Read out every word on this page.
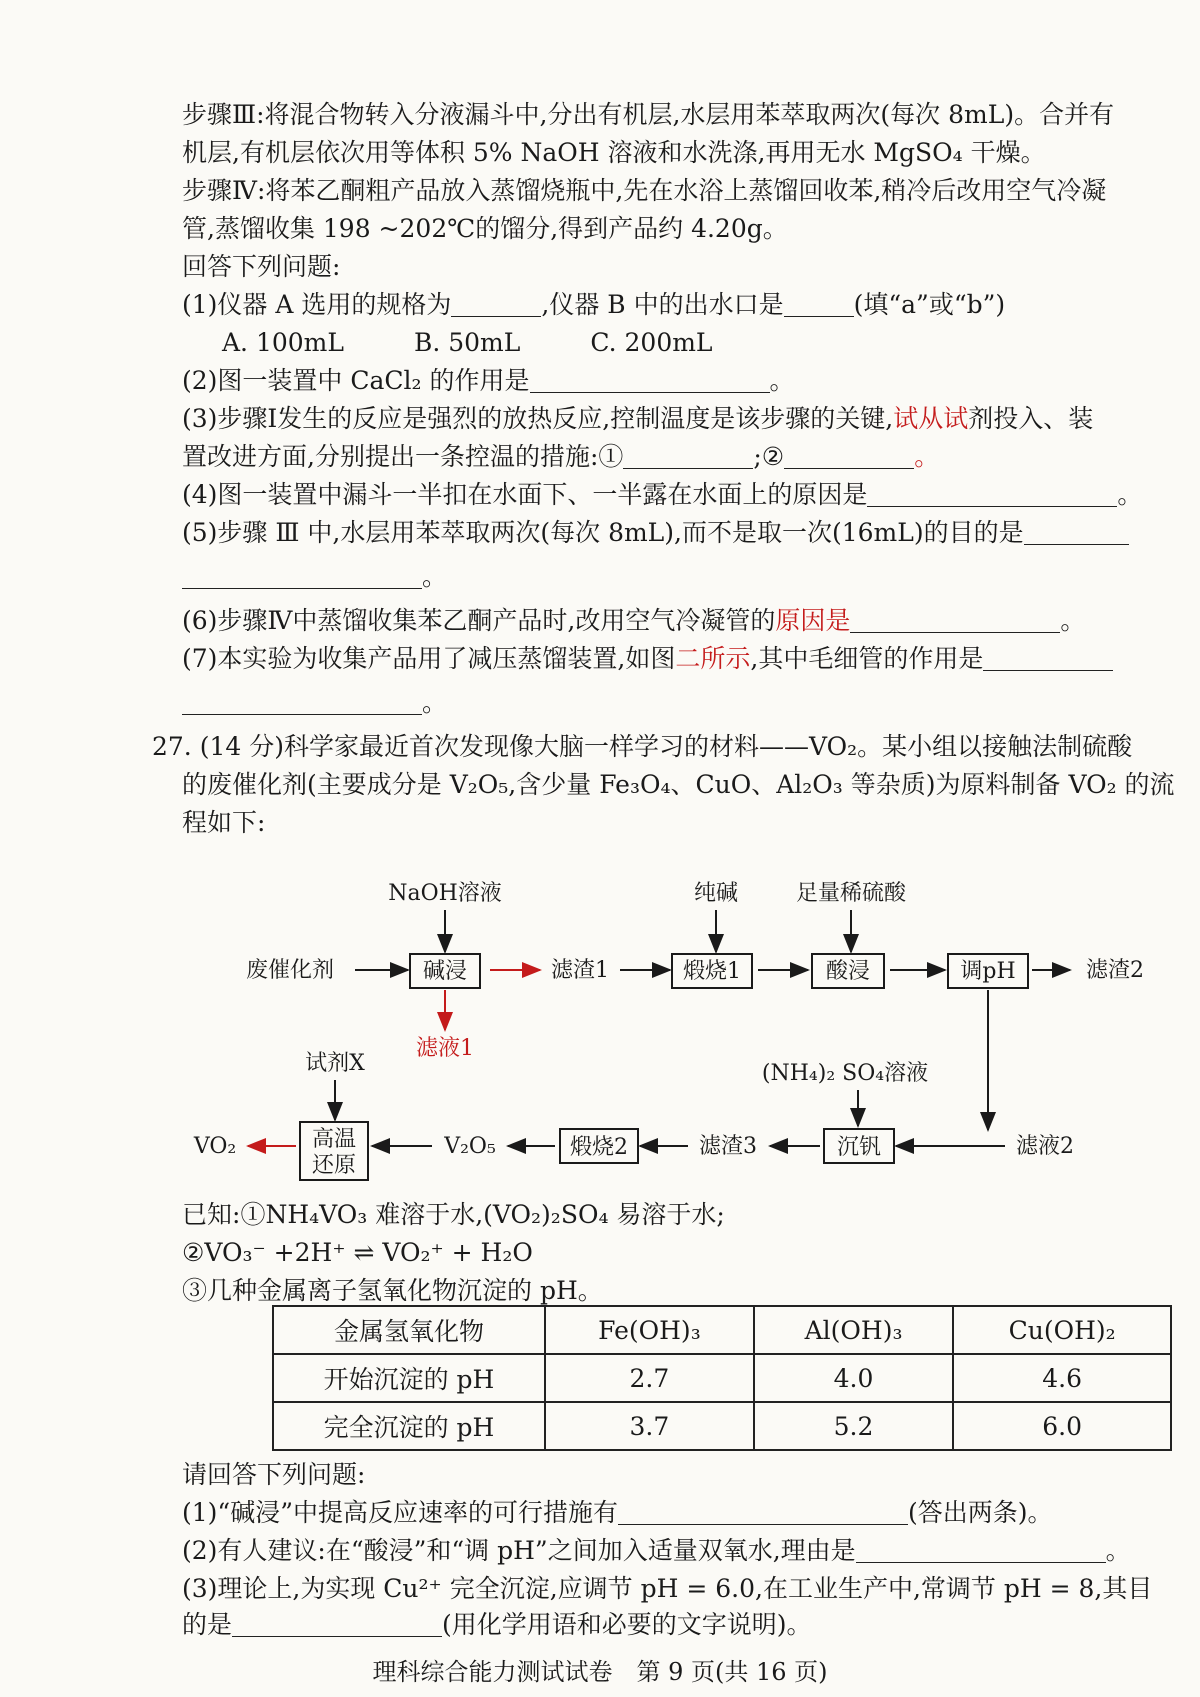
步骤Ⅲ:将混合物转入分液漏斗中,分出有机层,水层用苯萃取两次(每次 8mL)。合并有
机层,有机层依次用等体积 5% NaOH 溶液和水洗涤,再用无水 MgSO₄ 干燥。
步骤Ⅳ:将苯乙酮粗产品放入蒸馏烧瓶中,先在水浴上蒸馏回收苯,稍冷后改用空气冷凝
管,蒸馏收集 198 ~202℃的馏分,得到产品约 4.20g。
回答下列问题:
(1)仪器 A 选用的规格为	,仪器 B 中的出水口是	(填“a”或“b”)
A. 100mL	B. 50mL	C. 200mL
(2)图一装置中 CaCl₂ 的作用是	。
(3)步骤Ⅰ发生的反应是强烈的放热反应,控制温度是该步骤的关键,试从试剂投入、装
置改进方面,分别提出一条控温的措施:①	;②	。
(4)图一装置中漏斗一半扣在水面下、一半露在水面上的原因是	。
(5)步骤 Ⅲ 中,水层用苯萃取两次(每次 8mL),而不是取一次(16mL)的目的是
。
(6)步骤Ⅳ中蒸馏收集苯乙酮产品时,改用空气冷凝管的原因是	。
(7)本实验为收集产品用了减压蒸馏装置,如图二所示,其中毛细管的作用是
。
27. (14 分)科学家最近首次发现像大脑一样学习的材料——VO₂。某小组以接触法制硫酸
的废催化剂(主要成分是 V₂O₅,含少量 Fe₃O₄、CuO、Al₂O₃ 等杂质)为原料制备 VO₂ 的流
程如下:
NaOH溶液	纯碱	足量稀硫酸
废催化剂	碱浸	滤渣1	煅烧1	酸浸	调pH	滤渣2
滤液1
试剂X	(NH₄)₂ SO₄溶液
滤液2
沉钒
滤渣3
煅烧2
V₂O₅
高温
还原
VO₂
已知:①NH₄VO₃ 难溶于水,(VO₂)₂SO₄ 易溶于水;
②VO₃⁻ +2H⁺ ⇌ VO₂⁺ + H₂O
③几种金属离子氢氧化物沉淀的 pH。
金属氢氧化物	Fe(OH)₃	Al(OH)₃	Cu(OH)₂
开始沉淀的 pH	2.7	4.0	4.6
完全沉淀的 pH	3.7	5.2	6.0
请回答下列问题:
(1)“碱浸”中提高反应速率的可行措施有	(答出两条)。
(2)有人建议:在“酸浸”和“调 pH”之间加入适量双氧水,理由是	。
(3)理论上,为实现 Cu²⁺ 完全沉淀,应调节 pH = 6.0,在工业生产中,常调节 pH = 8,其目
的是	(用化学用语和必要的文字说明)。
理科综合能力测试试卷　第 9 页(共 16 页)
